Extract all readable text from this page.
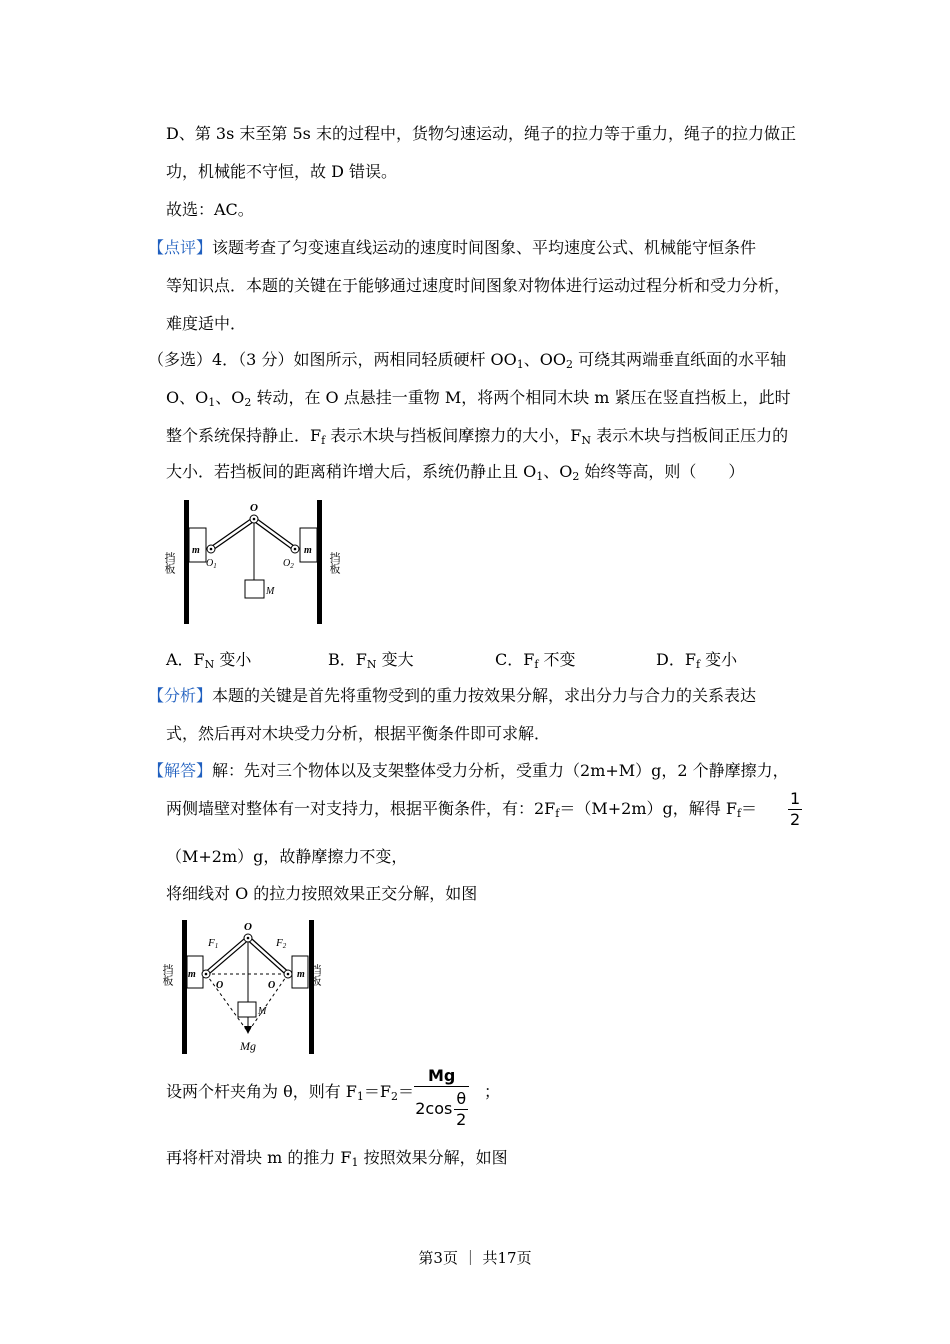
D、第 3s 末至第 5s 末的过程中，货物匀速运动，绳子的拉力等于重力，绳子的拉力做正
功，机械能不守恒，故 D 错误。
故选：AC。
【点评】该题考查了匀变速直线运动的速度时间图象、平均速度公式、机械能守恒条件
等知识点．本题的关键在于能够通过速度时间图象对物体进行运动过程分析和受力分析，
难度适中．
（多选）4．（3 分）如图所示，两相同轻质硬杆 $OO_1$、$OO_2$ 可绕其两端垂直纸面的水平轴
O、$O_1$、$O_2$ 转动，在 O 点悬挂一重物 M，将两个相同木块 m 紧压在竖直挡板上，此时
整个系统保持静止．$F_f$ 表示木块与挡板间摩擦力的大小，$F_N$ 表示木块与挡板间正压力的
大小．若挡板间的距离稍许增大后，系统仍静止且 $O_1$、$O_2$ 始终等高，则（　　）
O
m	m
$O_1$	$O_2$
M
挡板	挡板
A．$F_N$ 变小	B．$F_N$ 变大	C．$F_f$ 不变	D．$F_f$ 变小
【分析】本题的关键是首先将重物受到的重力按效果分解，求出分力与合力的关系表达
式，然后再对木块受力分析，根据平衡条件即可求解．
【解答】解：先对三个物体以及支架整体受力分析，受重力（2m+M）g，2 个静摩擦力，
两侧墙壁对整体有一对支持力，根据平衡条件，有：$2F_f=(M+2m)g$，解得 $F_f= \frac{1}{2}$
（M+2m）g，故静摩擦力不变，
将细线对 O 的拉力按照效果正交分解，如图
O
F1	F2
m	m
O	O
M
Mg
挡板	挡板
设两个杆夹角为 θ，则有 $F_1=F_2= \frac{Mg}{2\cos \frac{\theta}{2}}$ ；
再将杆对滑块 m 的推力 $F_1$ 按照效果分解，如图
第3页 ｜ 共17页
